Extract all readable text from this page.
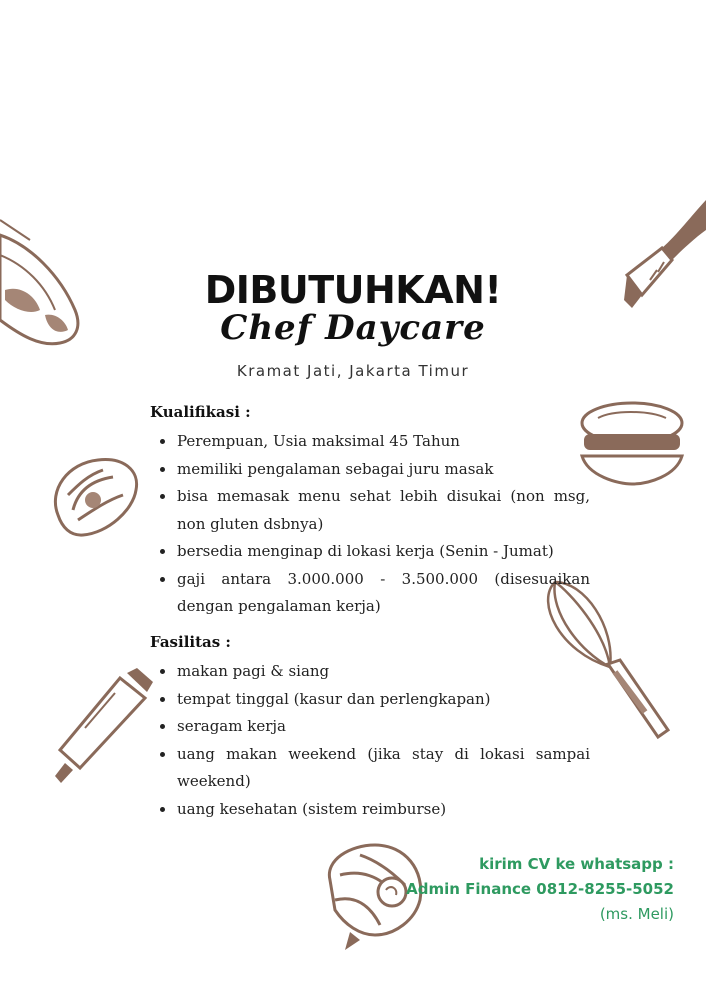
DIBUTUHKAN!
Chef Daycare
Kramat Jati, Jakarta Timur
Kualifikasi :
Perempuan, Usia maksimal 45 Tahun
memiliki pengalaman sebagai juru masak
bisa memasak menu sehat lebih disukai (non msg, non gluten dsbnya)
bersedia menginap di lokasi kerja (Senin - Jumat)
gaji antara 3.000.000 - 3.500.000 (disesuaikan dengan pengalaman kerja)
Fasilitas :
makan pagi & siang
tempat tinggal (kasur dan perlengkapan)
seragam kerja
uang makan weekend (jika stay di lokasi sampai weekend)
uang kesehatan (sistem reimburse)
kirim CV ke whatsapp :
Admin Finance 0812-8255-5052
(ms. Meli)
